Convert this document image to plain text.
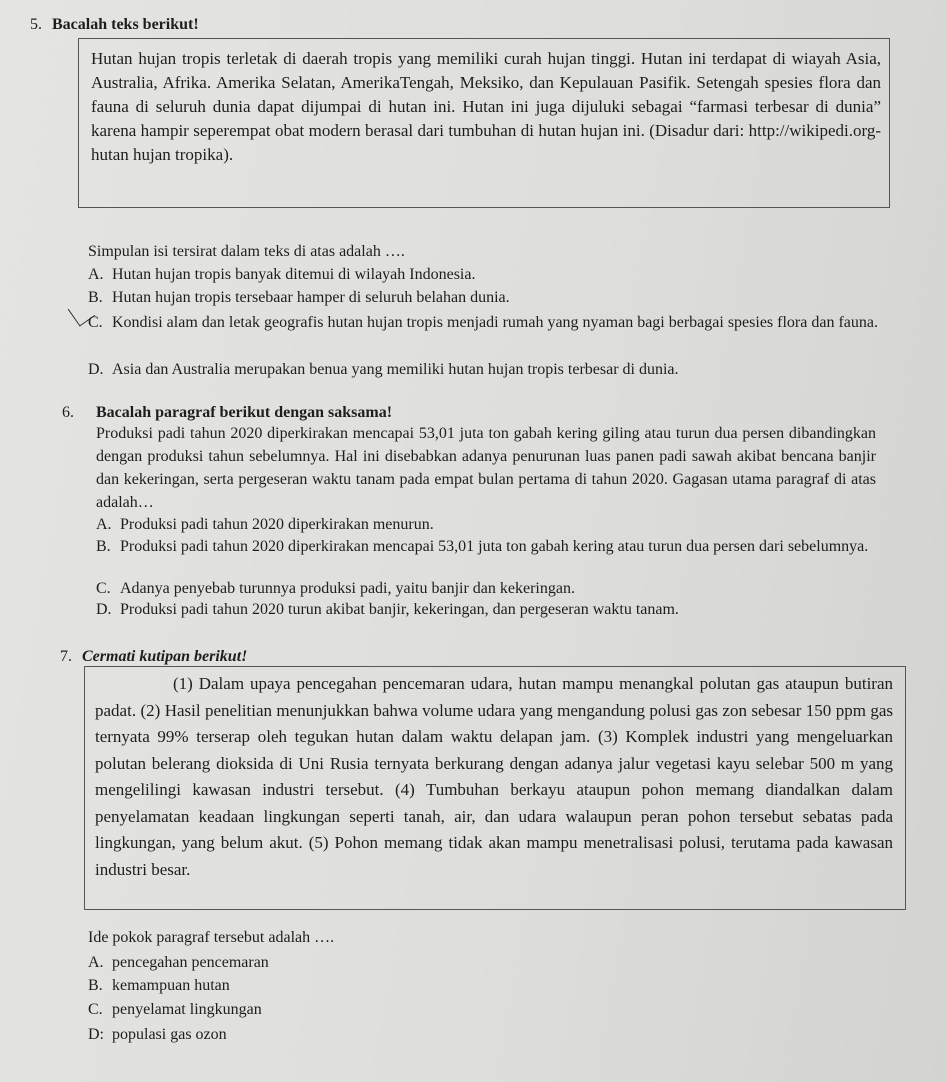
5. Bacalah teks berikut!

Hutan hujan tropis terletak di daerah tropis yang memiliki curah hujan tinggi. Hutan ini terdapat di wiayah Asia, Australia, Afrika. Amerika Selatan, AmerikaTengah, Meksiko, dan Kepulauan Pasifik. Setengah spesies flora dan fauna di seluruh dunia dapat dijumpai di hutan ini. Hutan ini juga dijuluki sebagai “farmasi terbesar di dunia” karena hampir seperempat obat modern berasal dari tumbuhan di hutan hujan ini. (Disadur dari: http://wikipedi.org-hutan hujan tropika).

Simpulan isi tersirat dalam teks di atas adalah ….
A. Hutan hujan tropis banyak ditemui di wilayah Indonesia.
B. Hutan hujan tropis tersebaar hamper di seluruh belahan dunia.
C. Kondisi alam dan letak geografis hutan hujan tropis menjadi rumah yang nyaman bagi berbagai spesies flora dan fauna.
D. Asia dan Australia merupakan benua yang memiliki hutan hujan tropis terbesar di dunia.
6. Bacalah paragraf berikut dengan saksama!
Produksi padi tahun 2020 diperkirakan mencapai 53,01 juta ton gabah kering giling atau turun dua persen dibandingkan dengan produksi tahun sebelumnya. Hal ini disebabkan adanya penurunan luas panen padi sawah akibat bencana banjir dan kekeringan, serta pergeseran waktu tanam pada empat bulan pertama di tahun 2020. Gagasan utama paragraf di atas adalah…
A. Produksi padi tahun 2020 diperkirakan menurun.
B. Produksi padi tahun 2020 diperkirakan mencapai 53,01 juta ton gabah kering atau turun dua persen dari sebelumnya.
C. Adanya penyebab turunnya produksi padi, yaitu banjir dan kekeringan.
D. Produksi padi tahun 2020 turun akibat banjir, kekeringan, dan pergeseran waktu tanam.
7. Cermati kutipan berikut!

(1) Dalam upaya pencegahan pencemaran udara, hutan mampu menangkal polutan gas ataupun butiran padat. (2) Hasil penelitian menunjukkan bahwa volume udara yang mengandung polusi gas zon sebesar 150 ppm gas ternyata 99% terserap oleh tegukan hutan dalam waktu delapan jam. (3) Komplek industri yang mengeluarkan polutan belerang dioksida di Uni Rusia ternyata berkurang dengan adanya jalur vegetasi kayu selebar 500 m yang mengelilingi kawasan industri tersebut. (4) Tumbuhan berkayu ataupun pohon memang diandalkan dalam penyelamatan keadaan lingkungan seperti tanah, air, dan udara walaupun peran pohon tersebut sebatas pada lingkungan, yang belum akut. (5) Pohon memang tidak akan mampu menetralisasi polusi, terutama pada kawasan industri besar.

Ide pokok paragraf tersebut adalah ….
A. pencegahan pencemaran
B. kemampuan hutan
C. penyelamat lingkungan
D: populasi gas ozon
